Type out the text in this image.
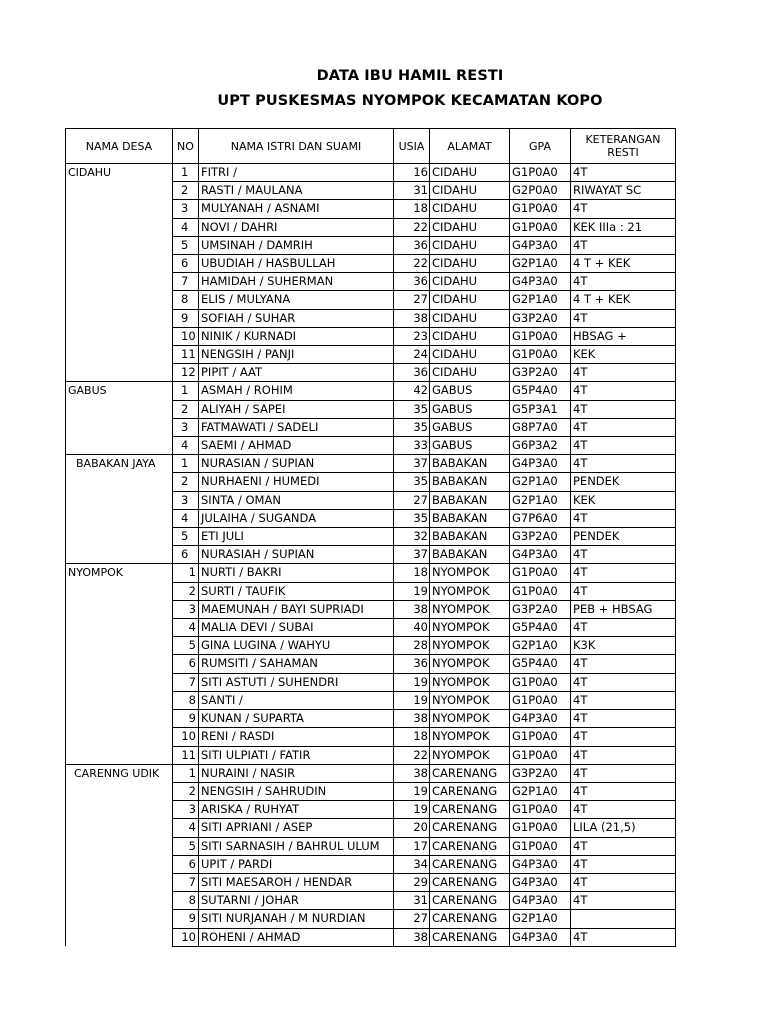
DATA IBU HAMIL RESTI
UPT PUSKESMAS NYOMPOK KECAMATAN KOPO
NAMA DESA	NO	NAMA ISTRI DAN SUAMI	USIA	ALAMAT	GPA	KETERANGAN RESTI
CIDAHU	1	FITRI /	16	CIDAHU	G1P0A0	4T
	2	RASTI / MAULANA	31	CIDAHU	G2P0A0	RIWAYAT SC
	3	MULYANAH / ASNAMI	18	CIDAHU	G1P0A0	4T
	4	NOVI / DAHRI	22	CIDAHU	G1P0A0	KEK IIIa : 21
	5	UMSINAH / DAMRIH	36	CIDAHU	G4P3A0	4T
	6	UBUDIAH / HASBULLAH	22	CIDAHU	G2P1A0	4 T + KEK
	7	HAMIDAH / SUHERMAN	36	CIDAHU	G4P3A0	4T
	8	ELIS / MULYANA	27	CIDAHU	G2P1A0	4 T + KEK
	9	SOFIAH / SUHAR	38	CIDAHU	G3P2A0	4T
	10	NINIK / KURNADI	23	CIDAHU	G1P0A0	HBSAG +
	11	NENGSIH / PANJI	24	CIDAHU	G1P0A0	KEK
	12	PIPIT / AAT	36	CIDAHU	G3P2A0	4T
GABUS	1	ASMAH / ROHIM	42	GABUS	G5P4A0	4T
	2	ALIYAH / SAPEI	35	GABUS	G5P3A1	4T
	3	FATMAWATI / SADELI	35	GABUS	G8P7A0	4T
	4	SAEMI / AHMAD	33	GABUS	G6P3A2	4T
BABAKAN JAYA	1	NURASIAN / SUPIAN	37	BABAKAN	G4P3A0	4T
	2	NURHAENI / HUMEDI	35	BABAKAN	G2P1A0	PENDEK
	3	SINTA / OMAN	27	BABAKAN	G2P1A0	KEK
	4	JULAIHA / SUGANDA	35	BABAKAN	G7P6A0	4T
	5	ETI JULI	32	BABAKAN	G3P2A0	PENDEK
	6	NURASIAH / SUPIAN	37	BABAKAN	G4P3A0	4T
NYOMPOK	1	NURTI / BAKRI	18	NYOMPOK	G1P0A0	4T
	2	SURTI / TAUFIK	19	NYOMPOK	G1P0A0	4T
	3	MAEMUNAH / BAYI SUPRIADI	38	NYOMPOK	G3P2A0	PEB + HBSAG
	4	MALIA DEVI / SUBAI	40	NYOMPOK	G5P4A0	4T
	5	GINA LUGINA / WAHYU	28	NYOMPOK	G2P1A0	K3K
	6	RUMSITI / SAHAMAN	36	NYOMPOK	G5P4A0	4T
	7	SITI ASTUTI / SUHENDRI	19	NYOMPOK	G1P0A0	4T
	8	SANTI /	19	NYOMPOK	G1P0A0	4T
	9	KUNAN / SUPARTA	38	NYOMPOK	G4P3A0	4T
	10	RENI / RASDI	18	NYOMPOK	G1P0A0	4T
	11	SITI ULPIATI / FATIR	22	NYOMPOK	G1P0A0	4T
CARENNG UDIK	1	NURAINI / NASIR	38	CARENANG	G3P2A0	4T
	2	NENGSIH / SAHRUDIN	19	CARENANG	G2P1A0	4T
	3	ARISKA / RUHYAT	19	CARENANG	G1P0A0	4T
	4	SITI APRIANI / ASEP	20	CARENANG	G1P0A0	LILA (21,5)
	5	SITI SARNASIH / BAHRUL ULUM	17	CARENANG	G1P0A0	4T
	6	UPIT / PARDI	34	CARENANG	G4P3A0	4T
	7	SITI MAESAROH / HENDAR	29	CARENANG	G4P3A0	4T
	8	SUTARNI / JOHAR	31	CARENANG	G4P3A0	4T
	9	SITI NURJANAH / M NURDIAN	27	CARENANG	G2P1A0	
	10	ROHENI / AHMAD	38	CARENANG	G4P3A0	4T
